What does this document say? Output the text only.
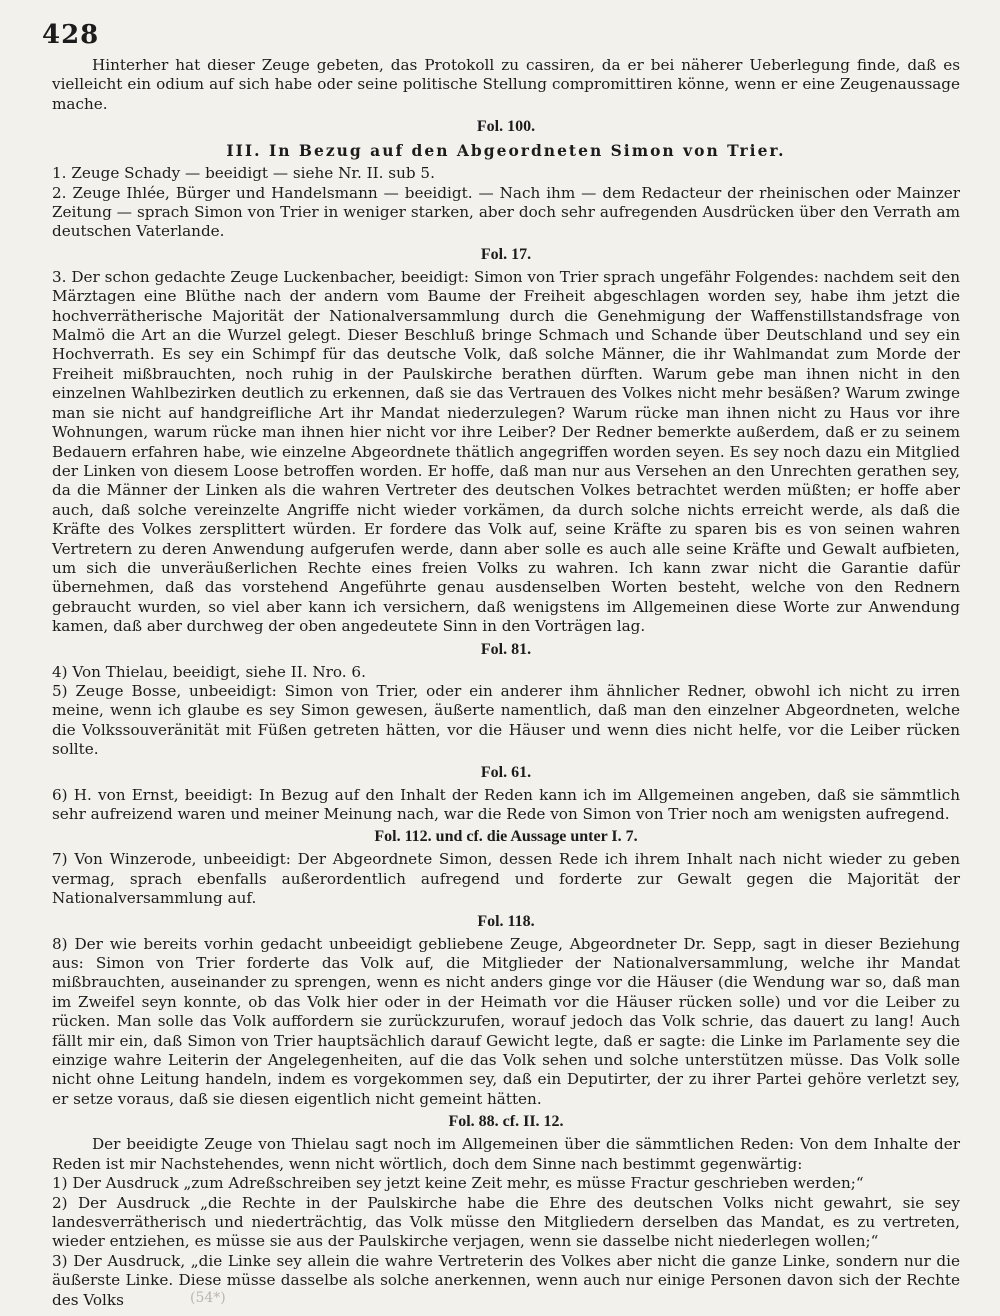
428

Hinterher hat dieser Zeuge gebeten, das Protokoll zu cassiren, da er bei näherer Ueberlegung finde, daß es vielleicht ein odium auf sich habe oder seine politische Stellung compromittiren könne, wenn er eine Zeugenaussage mache.

Fol. 100.
III. In Bezug auf den Abgeordneten Simon von Trier.

1. Zeuge Schady — beeidigt — siehe Nr. II. sub 5.

2. Zeuge Ihlée, Bürger und Handelsmann — beeidigt. — Nach ihm — dem Redacteur der rheinischen oder Mainzer Zeitung — sprach Simon von Trier in weniger starken, aber doch sehr aufregenden Ausdrücken über den Verrath am deutschen Vaterlande.

Fol. 17.

3. Der schon gedachte Zeuge Luckenbacher, beeidigt: Simon von Trier sprach ungefähr Folgendes: nachdem seit den Märztagen eine Blüthe nach der andern vom Baume der Freiheit abgeschlagen worden sey, habe ihm jetzt die hochverrätherische Majorität der Nationalversammlung durch die Genehmigung der Waffenstillstandsfrage von Malmö die Art an die Wurzel gelegt. Dieser Beschluß bringe Schmach und Schande über Deutschland und sey ein Hochverrath. Es sey ein Schimpf für das deutsche Volk, daß solche Männer, die ihr Wahlmandat zum Morde der Freiheit mißbrauchten, noch ruhig in der Paulskirche berathen dürften. Warum gebe man ihnen nicht in den einzelnen Wahlbezirken deutlich zu erkennen, daß sie das Vertrauen des Volkes nicht mehr besäßen? Warum zwinge man sie nicht auf handgreifliche Art ihr Mandat niederzulegen? Warum rücke man ihnen nicht zu Haus vor ihre Wohnungen, warum rücke man ihnen hier nicht vor ihre Leiber? Der Redner bemerkte außerdem, daß er zu seinem Bedauern erfahren habe, wie einzelne Abgeordnete thätlich angegriffen worden seyen. Es sey noch dazu ein Mitglied der Linken von diesem Loose betroffen worden. Er hoffe, daß man nur aus Versehen an den Unrechten gerathen sey, da die Männer der Linken als die wahren Vertreter des deutschen Volkes betrachtet werden müßten; er hoffe aber auch, daß solche vereinzelte Angriffe nicht wieder vorkämen, da durch solche nichts erreicht werde, als daß die Kräfte des Volkes zersplittert würden. Er fordere das Volk auf, seine Kräfte zu sparen bis es von seinen wahren Vertretern zu deren Anwendung aufgerufen werde, dann aber solle es auch alle seine Kräfte und Gewalt aufbieten, um sich die unveräußerlichen Rechte eines freien Volks zu wahren. Ich kann zwar nicht die Garantie dafür übernehmen, daß das vorstehend Angeführte genau ausdenselben Worten besteht, welche von den Rednern gebraucht wurden, so viel aber kann ich versichern, daß wenigstens im Allgemeinen diese Worte zur Anwendung kamen, daß aber durchweg der oben angedeutete Sinn in den Vorträgen lag.

Fol. 81.

4) Von Thielau, beeidigt, siehe II. Nro. 6.

5) Zeuge Bosse, unbeeidigt: Simon von Trier, oder ein anderer ihm ähnlicher Redner, obwohl ich nicht zu irren meine, wenn ich glaube es sey Simon gewesen, äußerte namentlich, daß man den einzelner Abgeordneten, welche die Volkssouveränität mit Füßen getreten hätten, vor die Häuser und wenn dies nicht helfe, vor die Leiber rücken sollte.

Fol. 61.

6) H. von Ernst, beeidigt: In Bezug auf den Inhalt der Reden kann ich im Allgemeinen angeben, daß sie sämmtlich sehr aufreizend waren und meiner Meinung nach, war die Rede von Simon von Trier noch am wenigsten aufregend.

Fol. 112. und cf. die Aussage unter I. 7.

7) Von Winzerode, unbeeidigt: Der Abgeordnete Simon, dessen Rede ich ihrem Inhalt nach nicht wieder zu geben vermag, sprach ebenfalls außerordentlich aufregend und forderte zur Gewalt gegen die Majorität der Nationalversammlung auf.

Fol. 118.

8) Der wie bereits vorhin gedacht unbeeidigt gebliebene Zeuge, Abgeordneter Dr. Sepp, sagt in dieser Beziehung aus: Simon von Trier forderte das Volk auf, die Mitglieder der Nationalversammlung, welche ihr Mandat mißbrauchten, auseinander zu sprengen, wenn es nicht anders ginge vor die Häuser (die Wendung war so, daß man im Zweifel seyn konnte, ob das Volk hier oder in der Heimath vor die Häuser rücken solle) und vor die Leiber zu rücken. Man solle das Volk auffordern sie zurückzurufen, worauf jedoch das Volk schrie, das dauert zu lang! Auch fällt mir ein, daß Simon von Trier hauptsächlich darauf Gewicht legte, daß er sagte: die Linke im Parlamente sey die einzige wahre Leiterin der Angelegenheiten, auf die das Volk sehen und solche unterstützen müsse. Das Volk solle nicht ohne Leitung handeln, indem es vorgekommen sey, daß ein Deputirter, der zu ihrer Partei gehöre verletzt sey, er setze voraus, daß sie diesen eigentlich nicht gemeint hätten.

Fol. 88. cf. II. 12.

Der beeidigte Zeuge von Thielau sagt noch im Allgemeinen über die sämmtlichen Reden: Von dem Inhalte der Reden ist mir Nachstehendes, wenn nicht wörtlich, doch dem Sinne nach bestimmt gegenwärtig:

1) Der Ausdruck „zum Adreßschreiben sey jetzt keine Zeit mehr, es müsse Fractur geschrieben werden;“

2) Der Ausdruck „die Rechte in der Paulskirche habe die Ehre des deutschen Volks nicht gewahrt, sie sey landesverrätherisch und niederträchtig, das Volk müsse den Mitgliedern derselben das Mandat, es zu vertreten, wieder entziehen, es müsse sie aus der Paulskirche verjagen, wenn sie dasselbe nicht niederlegen wollen;“

3) Der Ausdruck, „die Linke sey allein die wahre Vertreterin des Volkes aber nicht die ganze Linke, sondern nur die äußerste Linke. Diese müsse dasselbe als solche anerkennen, wenn auch nur einige Personen davon sich der Rechte des Volks	(54*)
